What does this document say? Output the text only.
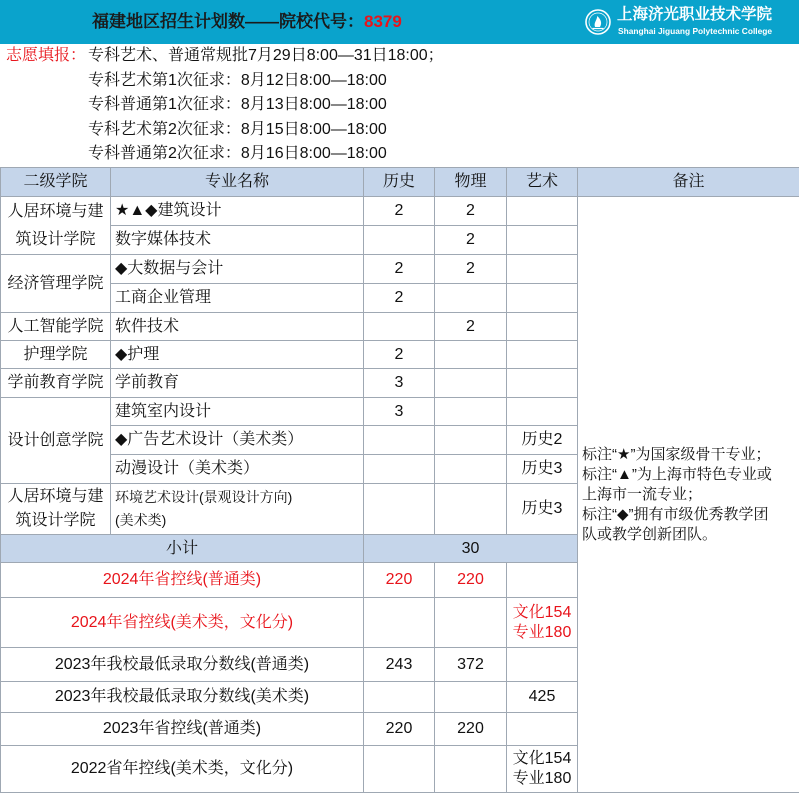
福建地区招生计划数——院校代号：8379	上海济光职业技术学院
Shanghai Jiguang Polytechnic College
志愿填报： 专科艺术、普通常规批7月29日8:00—31日18:00；
专科艺术第1次征求：8月12日8:00—18:00
专科普通第1次征求：8月13日8:00—18:00
专科艺术第2次征求：8月15日8:00—18:00
专科普通第2次征求：8月16日8:00—18:00
二级学院	专业名称	历史	物理	艺术	备注
人居环境与建筑设计学院	★▲◆建筑设计	2	2		标注“★”为国家级骨干专业；
标注“▲”为上海市特色专业或
上海市一流专业；
标注“◆”拥有市级优秀教学团
队或教学创新团队。

	数字媒体技术		2		
经济管理学院	◆大数据与会计	2	2		
	工商企业管理	2			
人工智能学院	软件技术		2		
护理学院	◆护理	2			
学前教育学院	学前教育	3			
设计创意学院	建筑室内设计	3			
	◆广告艺术设计（美术类）			历史2	
	动漫设计（美术类）			历史3	
人居环境与建筑设计学院	环境艺术设计(景观设计方向)
(美术类)			历史3	
小计		30			
2024年省控线(普通类)		220	220		
2024年省控线(美术类，文化分)				文化154
专业180	

2023年我校最低录取分数线(普通类)		243	372		
2023年我校最低录取分数线(美术类)				425	
2023年省控线(普通类)		220	220		
2022省年控线(美术类，文化分)				文化154
专业180	
